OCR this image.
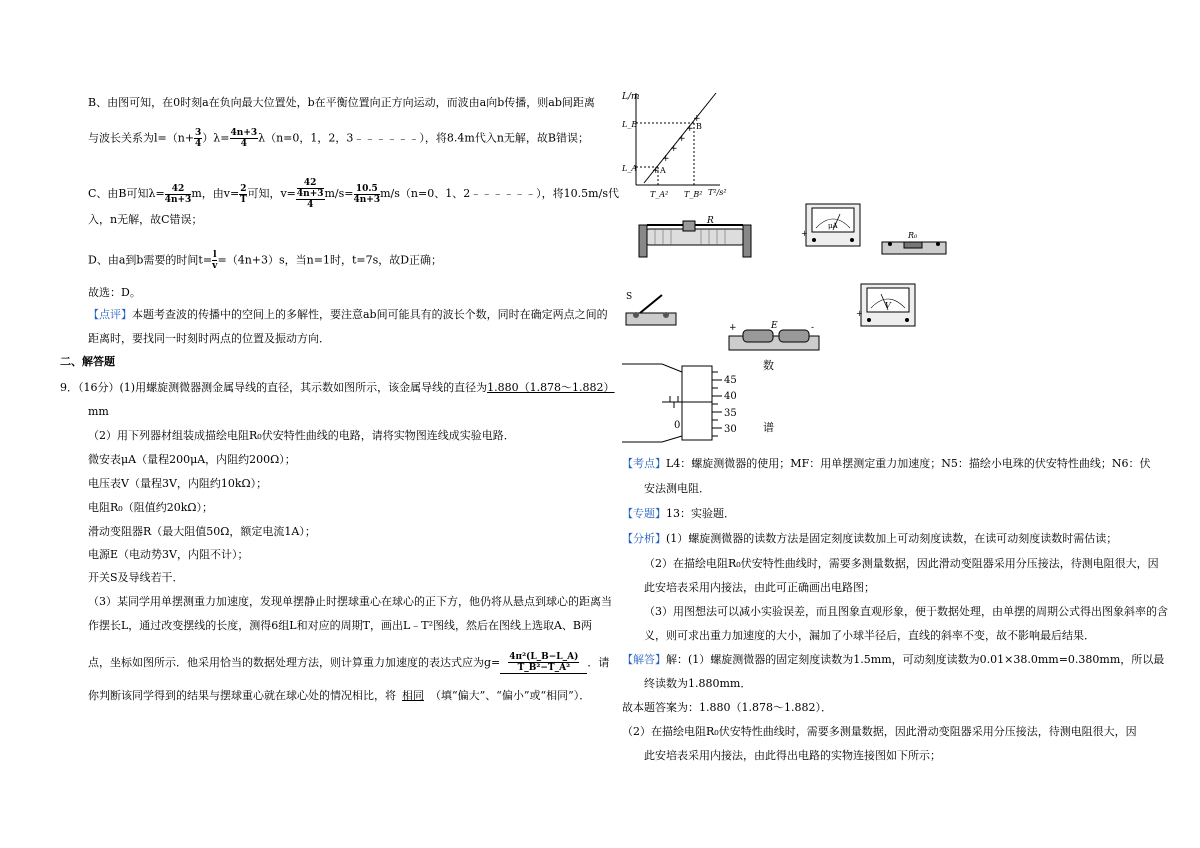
B、由图可知，在0时刻a在负向最大位置处，b在平衡位置向正方向运动，而波由a向b传播，则ab间距离
与波长关系为$l=(n+ \frac{3}{4} )\lambda= \frac{4n+3}{4} \lambda(n=0$，1，2，3﹣﹣﹣﹣﹣﹣），将8.4m代入n无解，故B错误；
C、由B可知$\lambda= \frac{42}{4n+3}$ m，由$v= \frac{2}{T}$ 可知，v= 42
4n+3
4 $m/s= \frac{10.5}{4n+3} m/s(n=0$、1、2﹣﹣﹣﹣﹣﹣），将10.5m/s代
入，n无解，故C错误；
D、由a到b需要的时间$t= \frac{l}{v} =(4n+3)s$，当n=1时，t=7s，故D正确；
故选：D。
【点评】本题考查波的传播中的空间上的多解性，要注意ab间可能具有的波长个数，同时在确定两点之间的
距离时，要找同一时刻时两点的位置及振动方向．
二、解答题
9．（16分）(1)用螺旋测微器测金属导线的直径，其示数如图所示，该金属导线的直径为1.880（1.878～1.882）
mm
（2）用下列器材组装成描绘电阻R₀伏安特性曲线的电路，请将实物图连线成实验电路．
微安表μA（量程200μA，内阻约200Ω）；
电压表V（量程3V，内阻约10kΩ）；
电阻R₀（阻值约20kΩ）；
滑动变阻器R（最大阻值50Ω，额定电流1A）；
电源E（电动势3V，内阻不计）；
开关S及导线若干．
（3）某同学用单摆测重力加速度，发现单摆静止时摆球重心在球心的正下方，他仍将从悬点到球心的距离当
作摆长L，通过改变摆线的长度，测得6组L和对应的周期T，画出L﹣T²图线，然后在图线上选取A、B两
点，坐标如图所示．他采用恰当的数据处理方法，则计算重力加速度的表达式应为$g= \frac{\text{4π²(L\_B−L\_A)}}{\text{T\_B²−T\_A²}}$ ．请
你判断该同学得到的结果与摆球重心就在球心处的情况相比，将 相同 （填“偏大”、“偏小”或“相同”）．
+
+
+
+
+
+
L/m
T²/s²
L_B
L_A
T_A² T_B²
A
B
R
+
μA
R₀
S
+	-
E
+
V
45
40
35
30
0
数
谱
【考点】L4：螺旋测微器的使用；MF：用单摆测定重力加速度；N5：描绘小电珠的伏安特性曲线；N6：伏
安法测电阻．
【专题】13：实验题．
【分析】(1）螺旋测微器的读数方法是固定刻度读数加上可动刻度读数，在读可动刻度读数时需估读；
（2）在描绘电阻R₀伏安特性曲线时，需要多测量数据，因此滑动变阻器采用分压接法，待测电阻很大，因
此安培表采用内接法，由此可正确画出电路图；
（3）用图想法可以减小实验误差，而且图象直观形象，便于数据处理，由单摆的周期公式得出图象斜率的含
义，则可求出重力加速度的大小，漏加了小球半径后，直线的斜率不变，故不影响最后结果．
【解答】解：(1）螺旋测微器的固定刻度读数为1.5mm，可动刻度读数为0.01×38.0mm=0.380mm，所以最
终读数为1.880mm．
故本题答案为：1.880（1.878～1.882）．
（2）在描绘电阻R₀伏安特性曲线时，需要多测量数据，因此滑动变阻器采用分压接法，待测电阻很大，因
此安培表采用内接法，由此得出电路的实物连接图如下所示；
